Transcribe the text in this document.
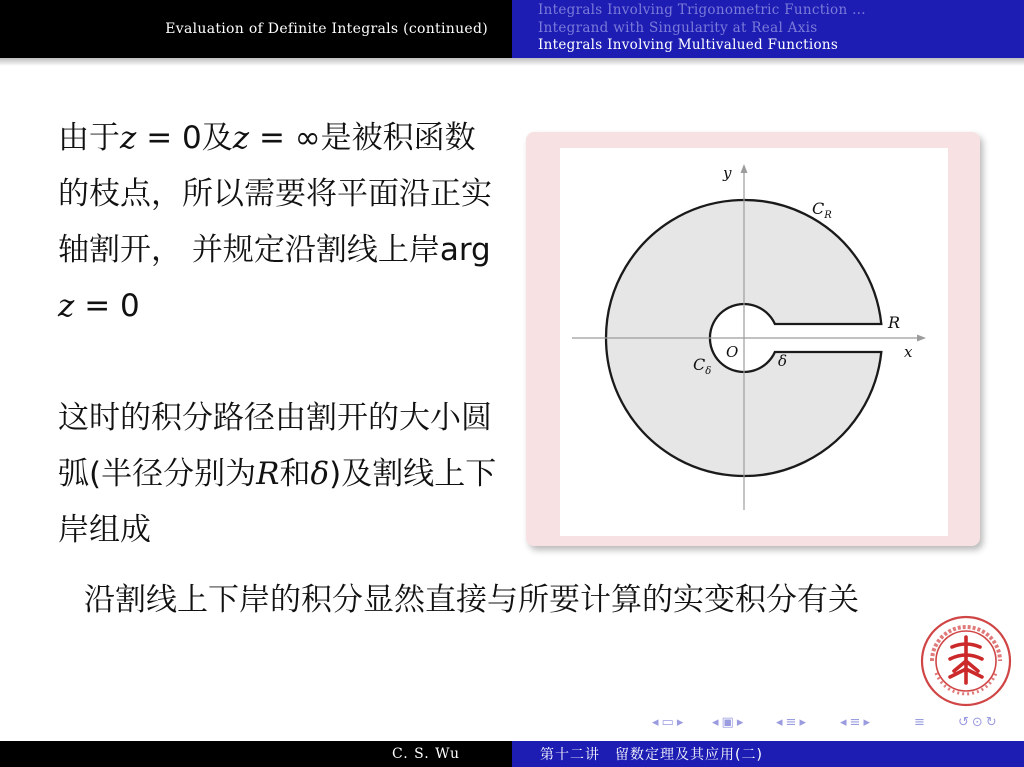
Evaluation of Definite Integrals (continued)
Integrals Involving Trigonometric Function ...
Integrand with Singularity at Real Axis
Integrals Involving Multivalued Functions
由于z = 0及z = ∞是被积函数的枝点，所以需要将平面沿正实轴割开， 并规定沿割线上岸arg z = 0
这时的积分路径由割开的大小圆弧(半径分别为R和δ)及割线上下岸组成
沿割线上下岸的积分显然直接与所要计算的实变积分有关
y
x
O
$C_R$
$C_\delta$
R
δ
◂ ▭ ▸ ◂ ▣ ▸	◂ ≡ ▸	◂ ≡ ▸	≡	↺ ⊙ ↻
C. S. Wu	第十二讲　留数定理及其应用(二)
